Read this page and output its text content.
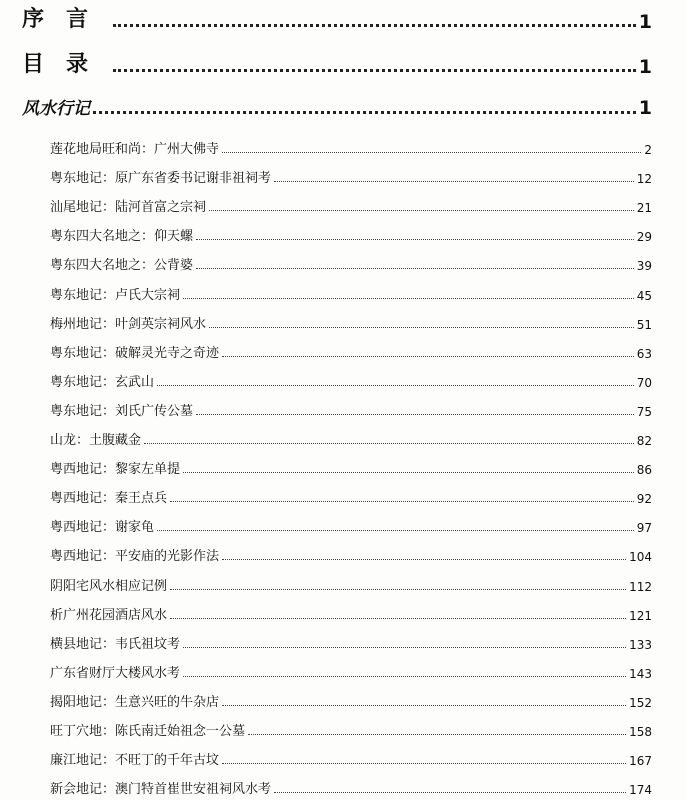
序言	1
目录	1
风水行记	1
莲花地局旺和尚：广州大佛寺	2
粤东地记：原广东省委书记谢非祖祠考	12
汕尾地记：陆河首富之宗祠	21
粤东四大名地之：仰天螺	29
粤东四大名地之：公背婆	39
粤东地记：卢氏大宗祠	45
梅州地记：叶剑英宗祠风水	51
粤东地记：破解灵光寺之奇迹	63
粤东地记：玄武山	70
粤东地记：刘氏广传公墓	75
山龙：土腹藏金	82
粤西地记：黎家左单提	86
粤西地记：秦王点兵	92
粤西地记：谢家龟	97
粤西地记：平安庙的光影作法	104
阴阳宅风水相应记例	112
析广州花园酒店风水	121
横县地记：韦氏祖坟考	133
广东省财厅大楼风水考	143
揭阳地记：生意兴旺的牛杂店	152
旺丁穴地：陈氏南迁始祖念一公墓	158
廉江地记：不旺丁的千年古坟	167
新会地记：澳门特首崔世安祖祠风水考	174
